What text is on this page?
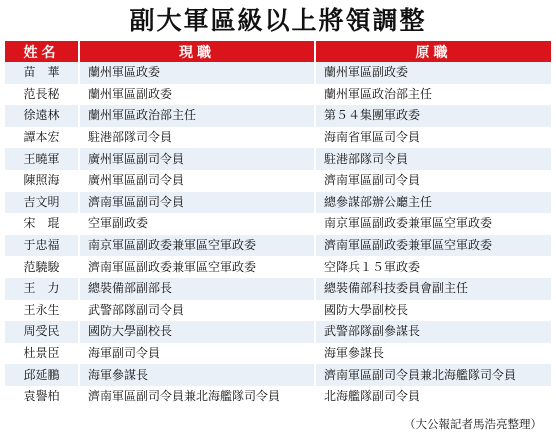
副大軍區級以上將領調整
姓名	現職	原職
苗　華	蘭州軍區政委	蘭州軍區副政委
范長秘	蘭州軍區副政委	蘭州軍區政治部主任
徐遠林	蘭州軍區政治部主任	第５４集團軍政委
譚本宏	駐港部隊司令員	海南省軍區司令員
王曉軍	廣州軍區副司令員	駐港部隊司令員
陳照海	廣州軍區副司令員	濟南軍區副司令員
吉文明	濟南軍區副司令員	總參謀部辦公廳主任
宋　琨	空軍副政委	南京軍區副政委兼軍區空軍政委
于忠福	南京軍區副政委兼軍區空軍政委	濟南軍區副政委兼軍區空軍政委
范驍駿	濟南軍區副政委兼軍區空軍政委	空降兵１５軍政委
王　力	總裝備部副部長	總裝備部科技委員會副主任
王永生	武警部隊副司令員	國防大學副校長
周受民	國防大學副校長	武警部隊副參謀長
杜景臣	海軍副司令員	海軍參謀長
邱延鵬	海軍參謀長	濟南軍區副司令員兼北海艦隊司令員
袁譽柏	濟南軍區副司令員兼北海艦隊司令員	北海艦隊副司令員
（大公報記者馬浩亮整理）
